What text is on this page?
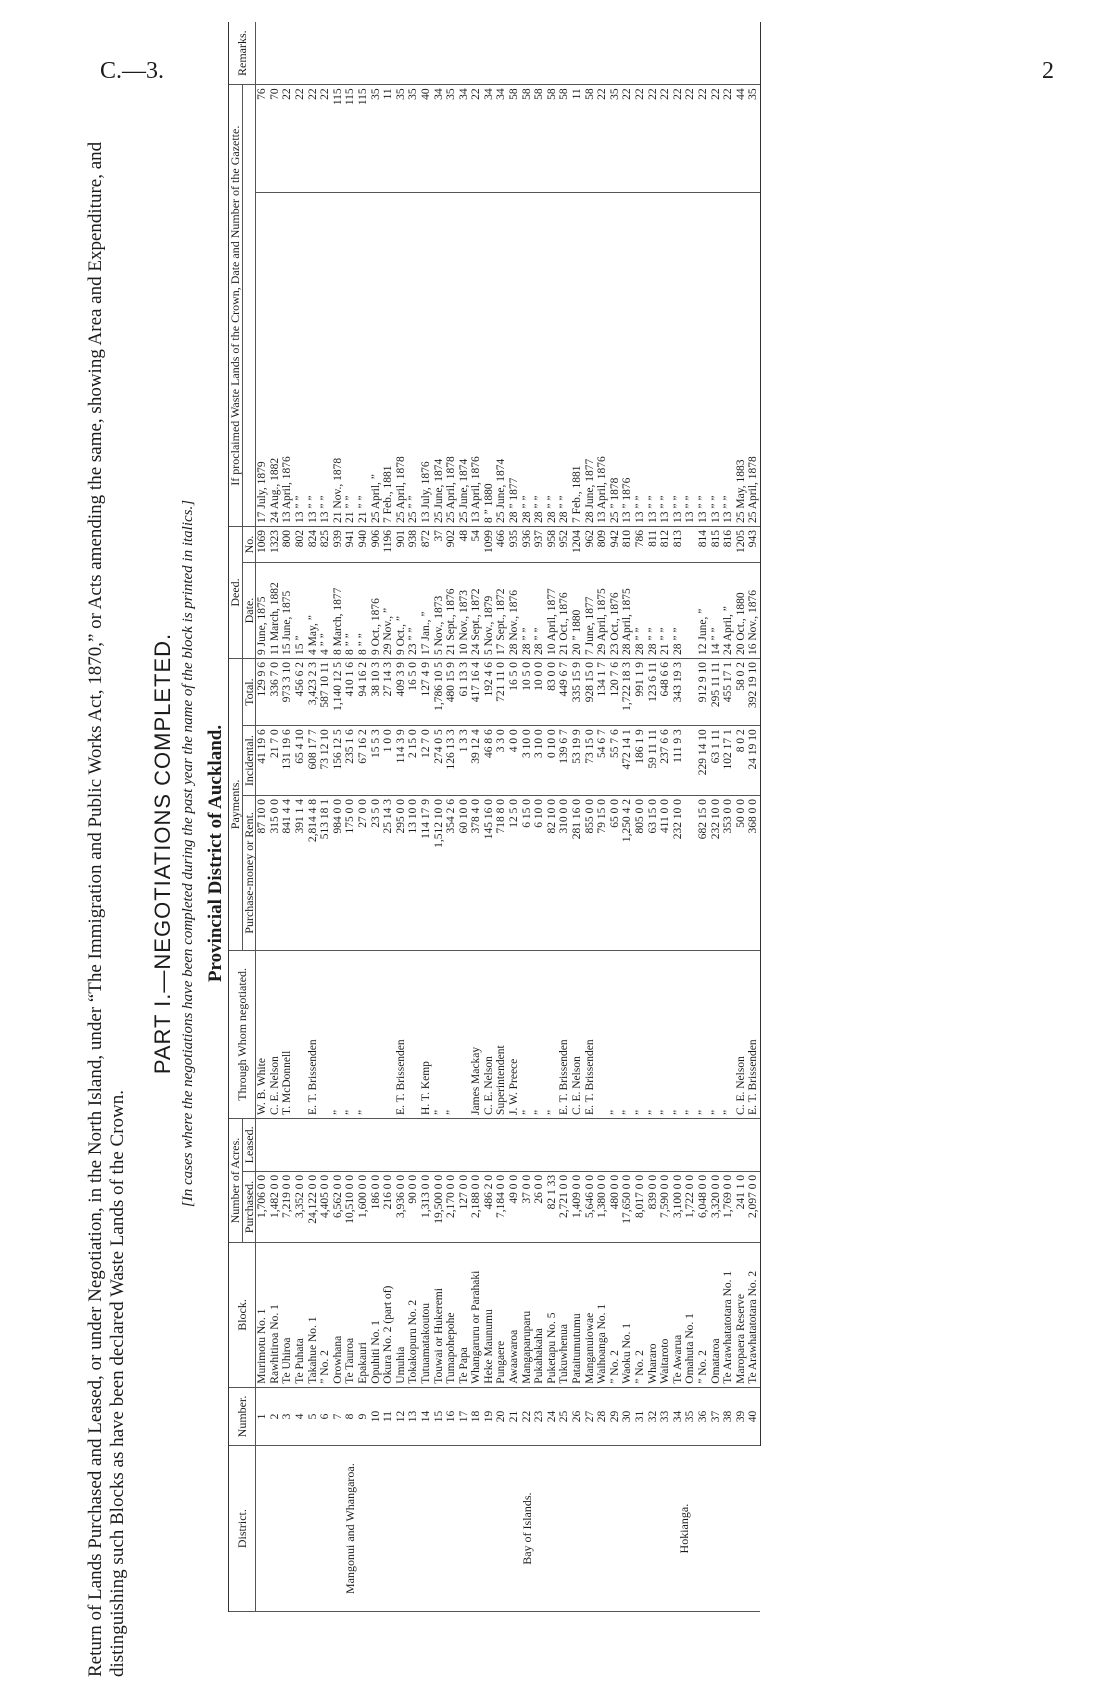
C.—3.	2
Return of Lands Purchased and Leased, or under Negotiation, in the North Island, under “The Immigration and Public Works Act, 1870,” or Acts amending the same, showing Area and Expenditure, and distinguishing such Blocks as have been declared Waste Lands of the Crown.
PART I.—NEGOTIATIONS COMPLETED. [In cases where the negotiations have been completed during the past year the name of the block is printed in italics.] Provincial District of Auckland.
District.	Number.	Block.	Number of Acres.		Through Whom negotiated.	Payments.			Deed.		If proclaimed Waste Lands of the Crown, Date and Number of the Gazette.		Remarks.
			Purchased.	Leased.		Purchase-money or Rent.	Incidental.	Total.	Date.	No.			
Mangonui and Whangaroa.	1	Murimotu No. 1	1,706 0 0		W. B. White	87 10 0	41 19 6	129 9 6	9 June, 1875	1069	17 July, 1879	76	
	2	Rawhitiroa No. 1	1,482 0 0		C. E. Nelson	315 0 0	21 7 0	336 7 0	11 March, 1882	1323	24 Aug., 1882	70	
	3	Te Uhiroa	7,219 0 0		T. McDonnell	841 4 4	131 19 6	973 3 10	15 June, 1875	800	13 April, 1876	22	
	4	Te Puhata	3,352 0 0			391 1 4	65 4 10	456 6 2	15 ”	802	13 ” ”	22	
	5	Takahue No. 1	24,122 0 0		E. T. Brissenden	2,814 4 8	608 17 7	3,423 2 3	4 May, ”	824	13 ” ”	22	
	6	” No. 2	4,405 0 0			513 18 1	73 12 10	587 10 11	4 ” ”	825	13 ” ”	22	
	7	Orowhana	6,562 0 0		”	984 0 0	156 12 5	1,140 12 5	8 March, 1877	939	21 Nov., 1878	115	
	8	Te Tauroa	10,510 0 0		”	175 0 0	235 1 6	410 1 6	8 ” ”	941	21 ” ”	115	
	9	Epakauri	1,600 0 0		”	27 0 0	67 16 2	94 16 2	8 ” ”	940	21 ” ”	115	
	10	Opuhiti No. 1	186 0 0			23 5 0	15 5 3	38 10 3	9 Oct., 1876	906	25 April, ”	35	
	11	Okura No. 2 (part of)	216 0 0			25 14 3	1 0 0	27 14 3	29 Nov., ”	1196	7 Feb., 1881	11	
	12	Umuhia	3,936 0 0		E. T. Brissenden	295 0 0	114 3 9	409 3 9	9 Oct., ”	901	25 April, 1878	35	
	13	Tokakopuru No. 2	90 0 0			13 10 0	2 15 0	16 5 0	23 ” ”	938	25 ” ”	35	
	14	Tutuamatakoutou	1,313 0 0		H. T. Kemp	114 17 9	12 7 0	127 4 9	17 Jan., ”	872	13 July, 1876	40	
	15	Touwai or Hukeremi	19,500 0 0		”	1,512 10 0	274 0 5	1,786 10 5	5 Nov., 1873	37	25 June, 1874	34	
Bay of Islands.	16	Tumapohepohe	2,170 0 0		”	354 2 6	126 13 3	480 15 9	21 Sept., 1876	902	25 April, 1878	35	
	17	Te Papa	127 0 0			60 10 0	1 3 3	61 13 3	10 Nov., 1873	48	25 June, 1874	34	
	18	Whangaruru or Parahaki	2,188 0 0		James Mackay	378 4 0	39 12 4	417 16 4	24 Sept., 1872	54	13 April, 1876	22	
	19	Heke Maunumu	486 2 0		C. E. Nelson	145 16 0	46 8 6	192 4 6	5 Nov., 1879	1099	8 ” 1880	34	
	20	Pungaere	7,184 0 0		Superintendent	718 8 0	3 3 0	721 11 0	17 Sept., 1872	466	25 June, 1874	34	
	21	Awaawaroa	49 0 0		J. W. Preece	12 5 0	4 0 0	16 5 0	28 Nov., 1876	935	28 ” 1877	58	
	22	Mangaparuparu	37 0 0		”	6 15 0	3 10 0	10 5 0	28 ” ”	936	28 ” ”	58	
	23	Pukahakaha	26 0 0		”	6 10 0	3 10 0	10 0 0	28 ” ”	937	28 ” ”	58	
	24	Puketapu No. 5	82 1 33		”	82 10 0	0 10 0	83 0 0	10 April, 1877	958	28 ” ”	58	
	25	Tukuwhenua	2,721 0 0		E. T. Brissenden	310 0 0	139 6 7	449 6 7	21 Oct., 1876	952	28 ” ”	58	
	26	Pataitumutumu	1,409 0 0		C. E. Nelson	281 16 0	53 19 9	335 15 9	20 ” 1880	1204	7 Feb., 1881	11	
	27	Manganuiowae	5,646 0 0		E. T. Brissenden	855 0 0	73 15 0	928 15 0	7 June, 1877	962	28 June, 1877	58	
	28	Waihoanga No. 1	1,380 0 0			79 15 0	54 6 7	134 1 7	29 April, 1875	809	13 April, 1876	22	
Hokianga.	29	” No. 2	480 0 0		”	65 0 0	55 7 6	120 7 6	23 Oct., 1876	942	25 ” 1878	35	
	30	Waoku No. 1	17,650 0 0		”	1,250 4 2	472 14 1	1,722 18 3	28 April, 1875	810	13 ” 1876	22	
	31	” No. 2	8,017 0 0		”	805 0 0	186 1 9	991 1 9	28 ” ”	786	13 ” ”	22	
	32	Whararo	839 0 0		”	63 15 0	59 11 11	123 6 11	28 ” ”	811	13 ” ”	22	
	33	Waitaroto	7,590 0 0		”	411 0 0	237 6 6	648 6 6	21 ” ”	812	13 ” ”	22	
	34	Te Awarua	3,100 0 0		”	232 10 0	111 9 3	343 19 3	28 ” ”	813	13 ” ”	22	
	35	Omahuta No. 1	1,722 0 0		”						13 ” ”	22	
	36	” No. 2	6,048 0 0		”	682 15 0	229 14 10	912 9 10	12 June, ”	814	13 ” ”	22	
	37	Omataroa	3,320 0 0		”	232 10 0	63 1 11	295 11 11	14 ” ”	815	13 ” ”	22	
	38	Te Arawhatatotara No. 1	1,769 0 0		”	353 0 0	102 17 1	455 17 1	24 April, ”	816	13 ” ”	22	
	39	Maropaera Reserve	241 1 0		C. E. Nelson	50 0 0	8 0 2	58 0 2	20 Oct., 1880	1205	25 May, 1883	44	
	40	Te Arawhatatotara No. 2	2,097 0 0		E. T. Brissenden	368 0 0	24 19 10	392 19 10	16 Nov., 1876	943	25 April, 1878	35	
